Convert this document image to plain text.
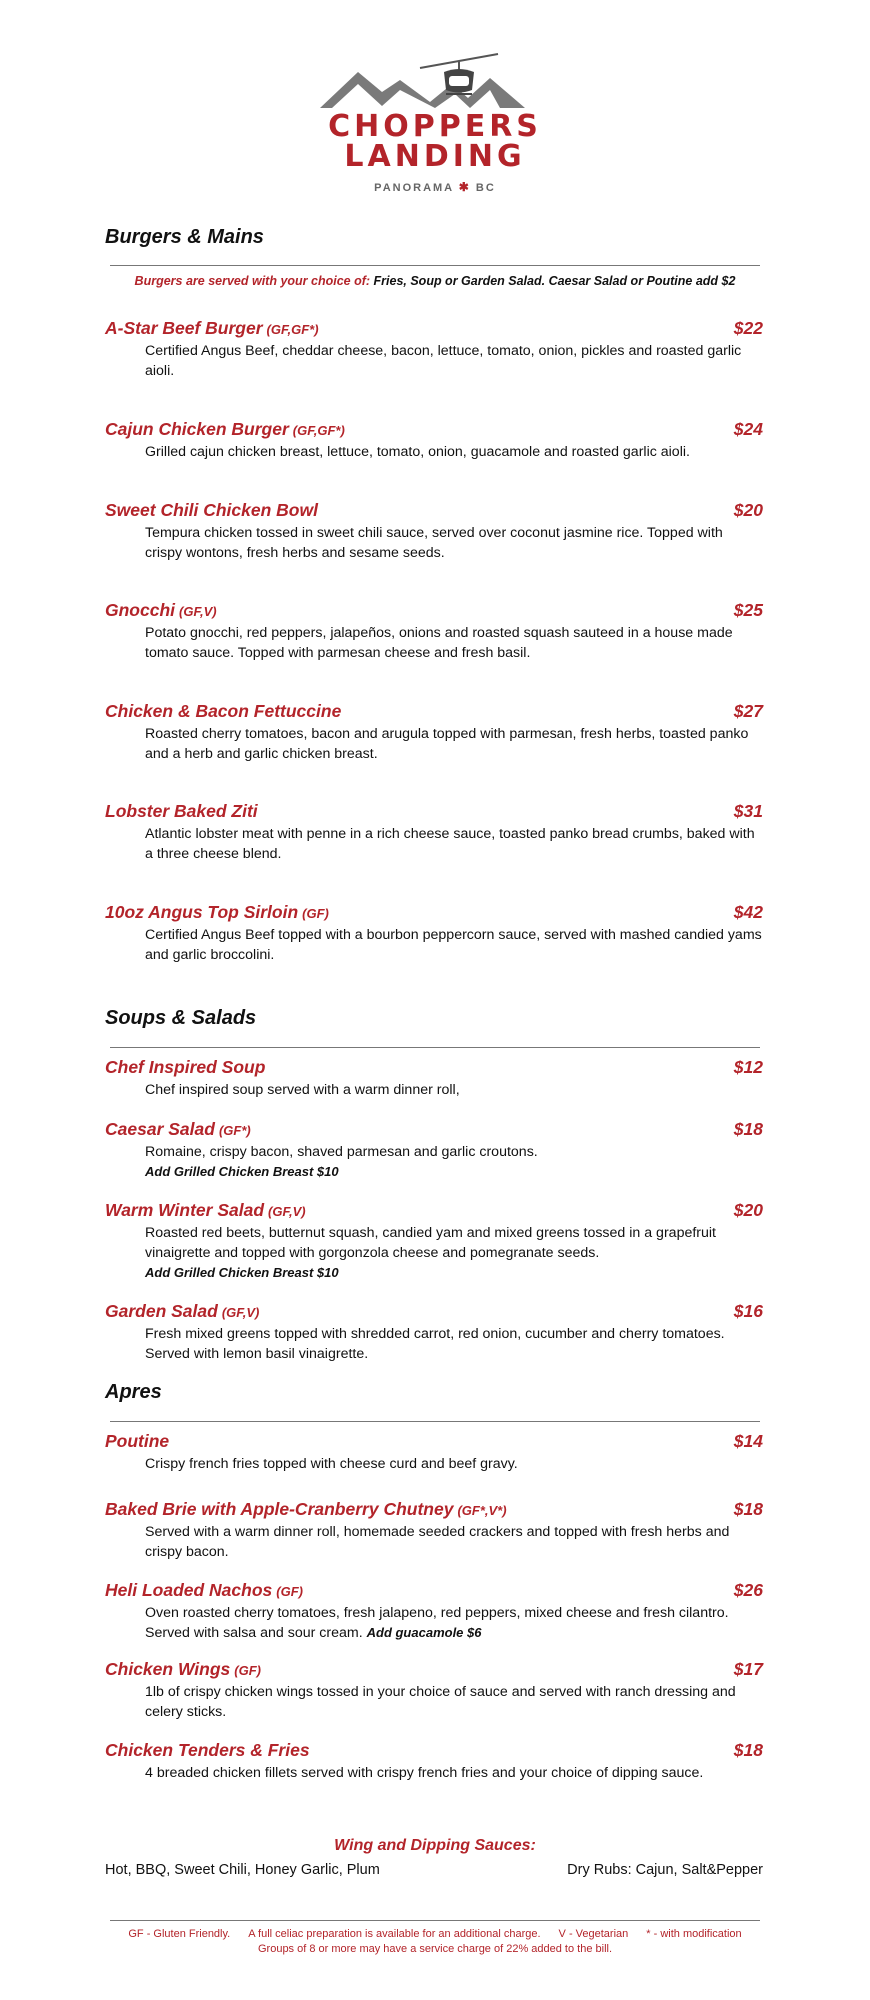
CHOPPERS
LANDING
PANORAMA ✱ BC
Burgers & Mains
Burgers are served with your choice of: Fries, Soup or Garden Salad. Caesar Salad or Poutine add $2
A-Star Beef Burger (GF,GF*)	$22
Certified Angus Beef, cheddar cheese, bacon, lettuce, tomato, onion, pickles and roasted garlic aioli.
Cajun Chicken Burger (GF,GF*)	$24
Grilled cajun chicken breast, lettuce, tomato, onion, guacamole and roasted garlic aioli.
Sweet Chili Chicken Bowl	$20
Tempura chicken tossed in sweet chili sauce, served over coconut jasmine rice. Topped with crispy wontons, fresh herbs and sesame seeds.
Gnocchi (GF,V)	$25
Potato gnocchi, red peppers, jalapeños, onions and roasted squash sauteed in a house made tomato sauce. Topped with parmesan cheese and fresh basil.
Chicken & Bacon Fettuccine	$27
Roasted cherry tomatoes, bacon and arugula topped with parmesan, fresh herbs, toasted panko and a herb and garlic chicken breast.
Lobster Baked Ziti	$31
Atlantic lobster meat with penne in a rich cheese sauce, toasted panko bread crumbs, baked with a three cheese blend.
10oz Angus Top Sirloin (GF)	$42
Certified Angus Beef topped with a bourbon peppercorn sauce, served with mashed candied yams and garlic broccolini.
Soups & Salads
Chef Inspired Soup	$12
Chef inspired soup served with a warm dinner roll,
Caesar Salad (GF*)	$18
Romaine, crispy bacon, shaved parmesan and garlic croutons.
Add Grilled Chicken Breast $10
Warm Winter Salad (GF,V)	$20
Roasted red beets, butternut squash, candied yam and mixed greens tossed in a grapefruit vinaigrette and topped with gorgonzola cheese and pomegranate seeds.
Add Grilled Chicken Breast $10
Garden Salad (GF,V)	$16
Fresh mixed greens topped with shredded carrot, red onion, cucumber and cherry tomatoes. Served with lemon basil vinaigrette.
Apres
Poutine	$14
Crispy french fries topped with cheese curd and beef gravy.
Baked Brie with Apple-Cranberry Chutney (GF*,V*)	$18
Served with a warm dinner roll, homemade seeded crackers and topped with fresh herbs and crispy bacon.
Heli Loaded Nachos (GF)	$26
Oven roasted cherry tomatoes, fresh jalapeno, red peppers, mixed cheese and fresh cilantro. Served with salsa and sour cream. Add guacamole $6
Chicken Wings (GF)	$17
1lb of crispy chicken wings tossed in your choice of sauce and served with ranch dressing and celery sticks.
Chicken Tenders & Fries	$18
4 breaded chicken fillets served with crispy french fries and your choice of dipping sauce.
Wing and Dipping Sauces:
Hot, BBQ, Sweet Chili, Honey Garlic, Plum	Dry Rubs: Cajun, Salt&Pepper
GF - Gluten Friendly. A full celiac preparation is available for an additional charge. V - Vegetarian * - with modification
Groups of 8 or more may have a service charge of 22% added to the bill.
